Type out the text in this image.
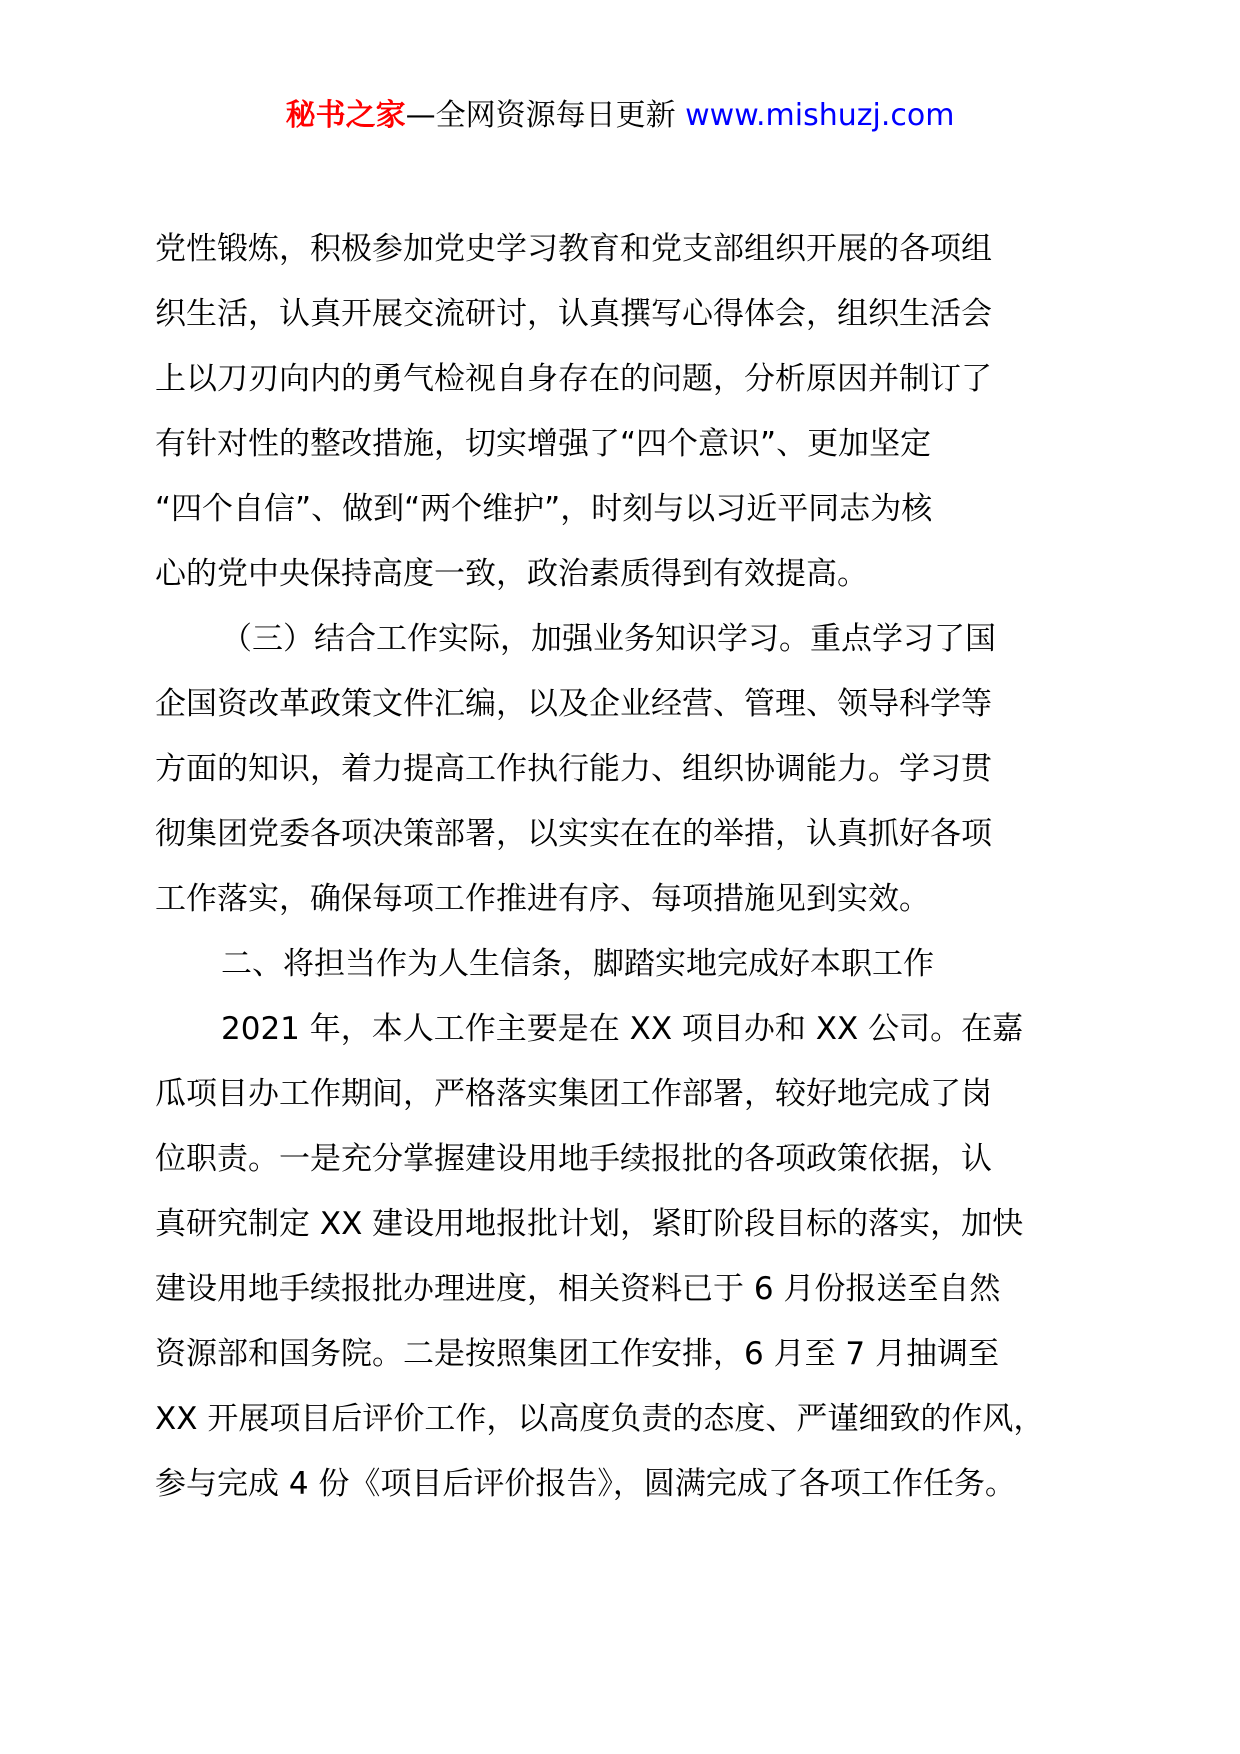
秘书之家—全网资源每日更新 www.mishuzj.com
党性锻炼，积极参加党史学习教育和党支部组织开展的各项组
织生活，认真开展交流研讨，认真撰写心得体会，组织生活会
上以刀刃向内的勇气检视自身存在的问题，分析原因并制订了
有针对性的整改措施，切实增强了“四个意识”、更加坚定
“四个自信”、做到“两个维护”，时刻与以习近平同志为核
心的党中央保持高度一致，政治素质得到有效提高。
（三）结合工作实际，加强业务知识学习。重点学习了国
企国资改革政策文件汇编，以及企业经营、管理、领导科学等
方面的知识，着力提高工作执行能力、组织协调能力。学习贯
彻集团党委各项决策部署，以实实在在的举措，认真抓好各项
工作落实，确保每项工作推进有序、每项措施见到实效。
二、将担当作为人生信条，脚踏实地完成好本职工作
2021 年，本人工作主要是在 XX 项目办和 XX 公司。在嘉
瓜项目办工作期间，严格落实集团工作部署，较好地完成了岗
位职责。一是充分掌握建设用地手续报批的各项政策依据，认
真研究制定 XX 建设用地报批计划，紧盯阶段目标的落实，加快
建设用地手续报批办理进度，相关资料已于 6 月份报送至自然
资源部和国务院。二是按照集团工作安排，6 月至 7 月抽调至
XX 开展项目后评价工作，以高度负责的态度、严谨细致的作风，
参与完成 4 份《项目后评价报告》，圆满完成了各项工作任务。
